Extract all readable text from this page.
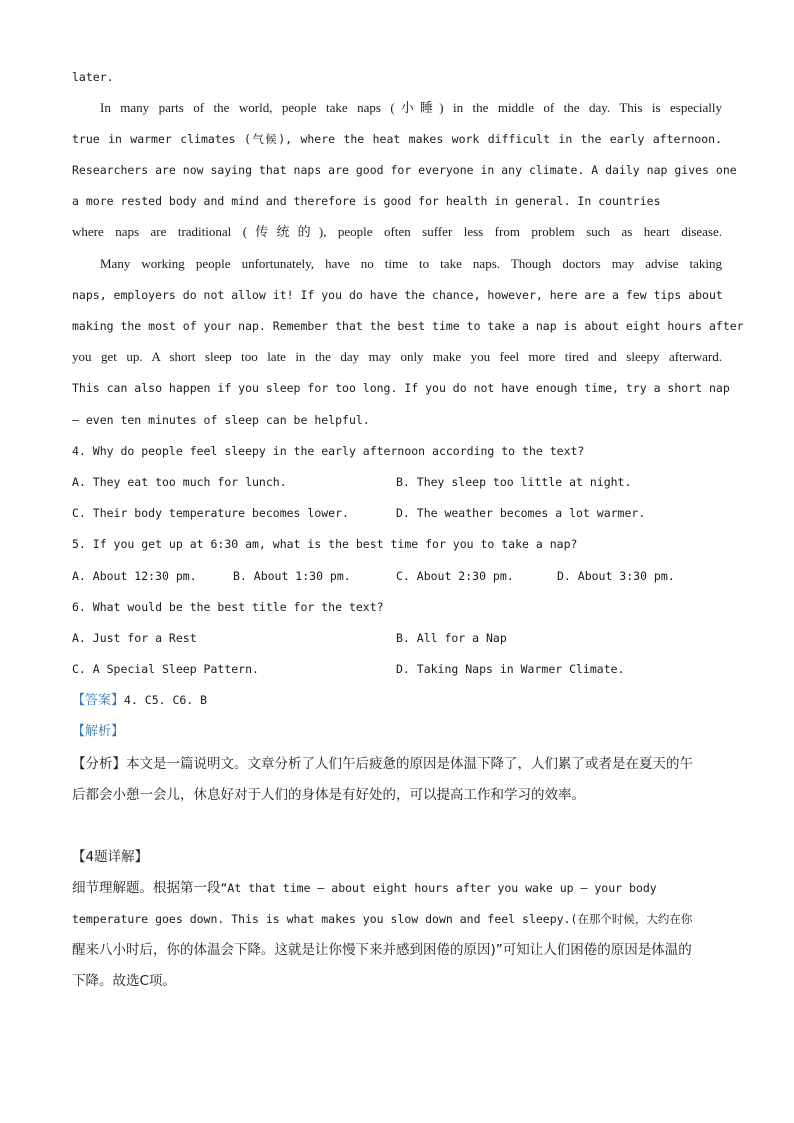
later.
In many parts of the world, people take naps (小睡) in the middle of the day. This is especially
true in warmer climates (气候), where the heat makes work difficult in the early afternoon.
Researchers are now saying that naps are good for everyone in any climate. A daily nap gives one
a more rested body and mind and therefore is good for health in general. In countries
where naps are traditional (传统的), people often suffer less from problem such as heart disease.
Many working people unfortunately, have no time to take naps. Though doctors may advise taking
naps, employers do not allow it! If you do have the chance, however, here are a few tips about
making the most of your nap. Remember that the best time to take a nap is about eight hours after
you get up. A short sleep too late in the day may only make you feel more tired and sleepy afterward.
This can also happen if you sleep for too long. If you do not have enough time, try a short nap
– even ten minutes of sleep can be helpful.
4. Why do people feel sleepy in the early afternoon according to the text?
A. They eat too much for lunch.	B. They sleep too little at night.
C. Their body temperature becomes lower.	D. The weather becomes a lot warmer.
5. If you get up at 6:30 am, what is the best time for you to take a nap?
A. About 12:30 pm.	B. About 1:30 pm.	C. About 2:30 pm.	D. About 3:30 pm.
6. What would be the best title for the text?
A. Just for a Rest	B. All for a Nap
C. A Special Sleep Pattern.	D. Taking Naps in Warmer Climate.
【答案】4. C5. C6. B
【解析】
【分析】本文是一篇说明文。文章分析了人们午后疲惫的原因是体温下降了，人们累了或者是在夏天的午
后都会小憩一会儿，休息好对于人们的身体是有好处的，可以提高工作和学习的效率。
【4题详解】
细节理解题。根据第一段“At that time – about eight hours after you wake up – your body
temperature goes down. This is what makes you slow down and feel sleepy.(在那个时候，大约在你
醒来八小时后，你的体温会下降。这就是让你慢下来并感到困倦的原因)”可知让人们困倦的原因是体温的
下降。故选C项。
